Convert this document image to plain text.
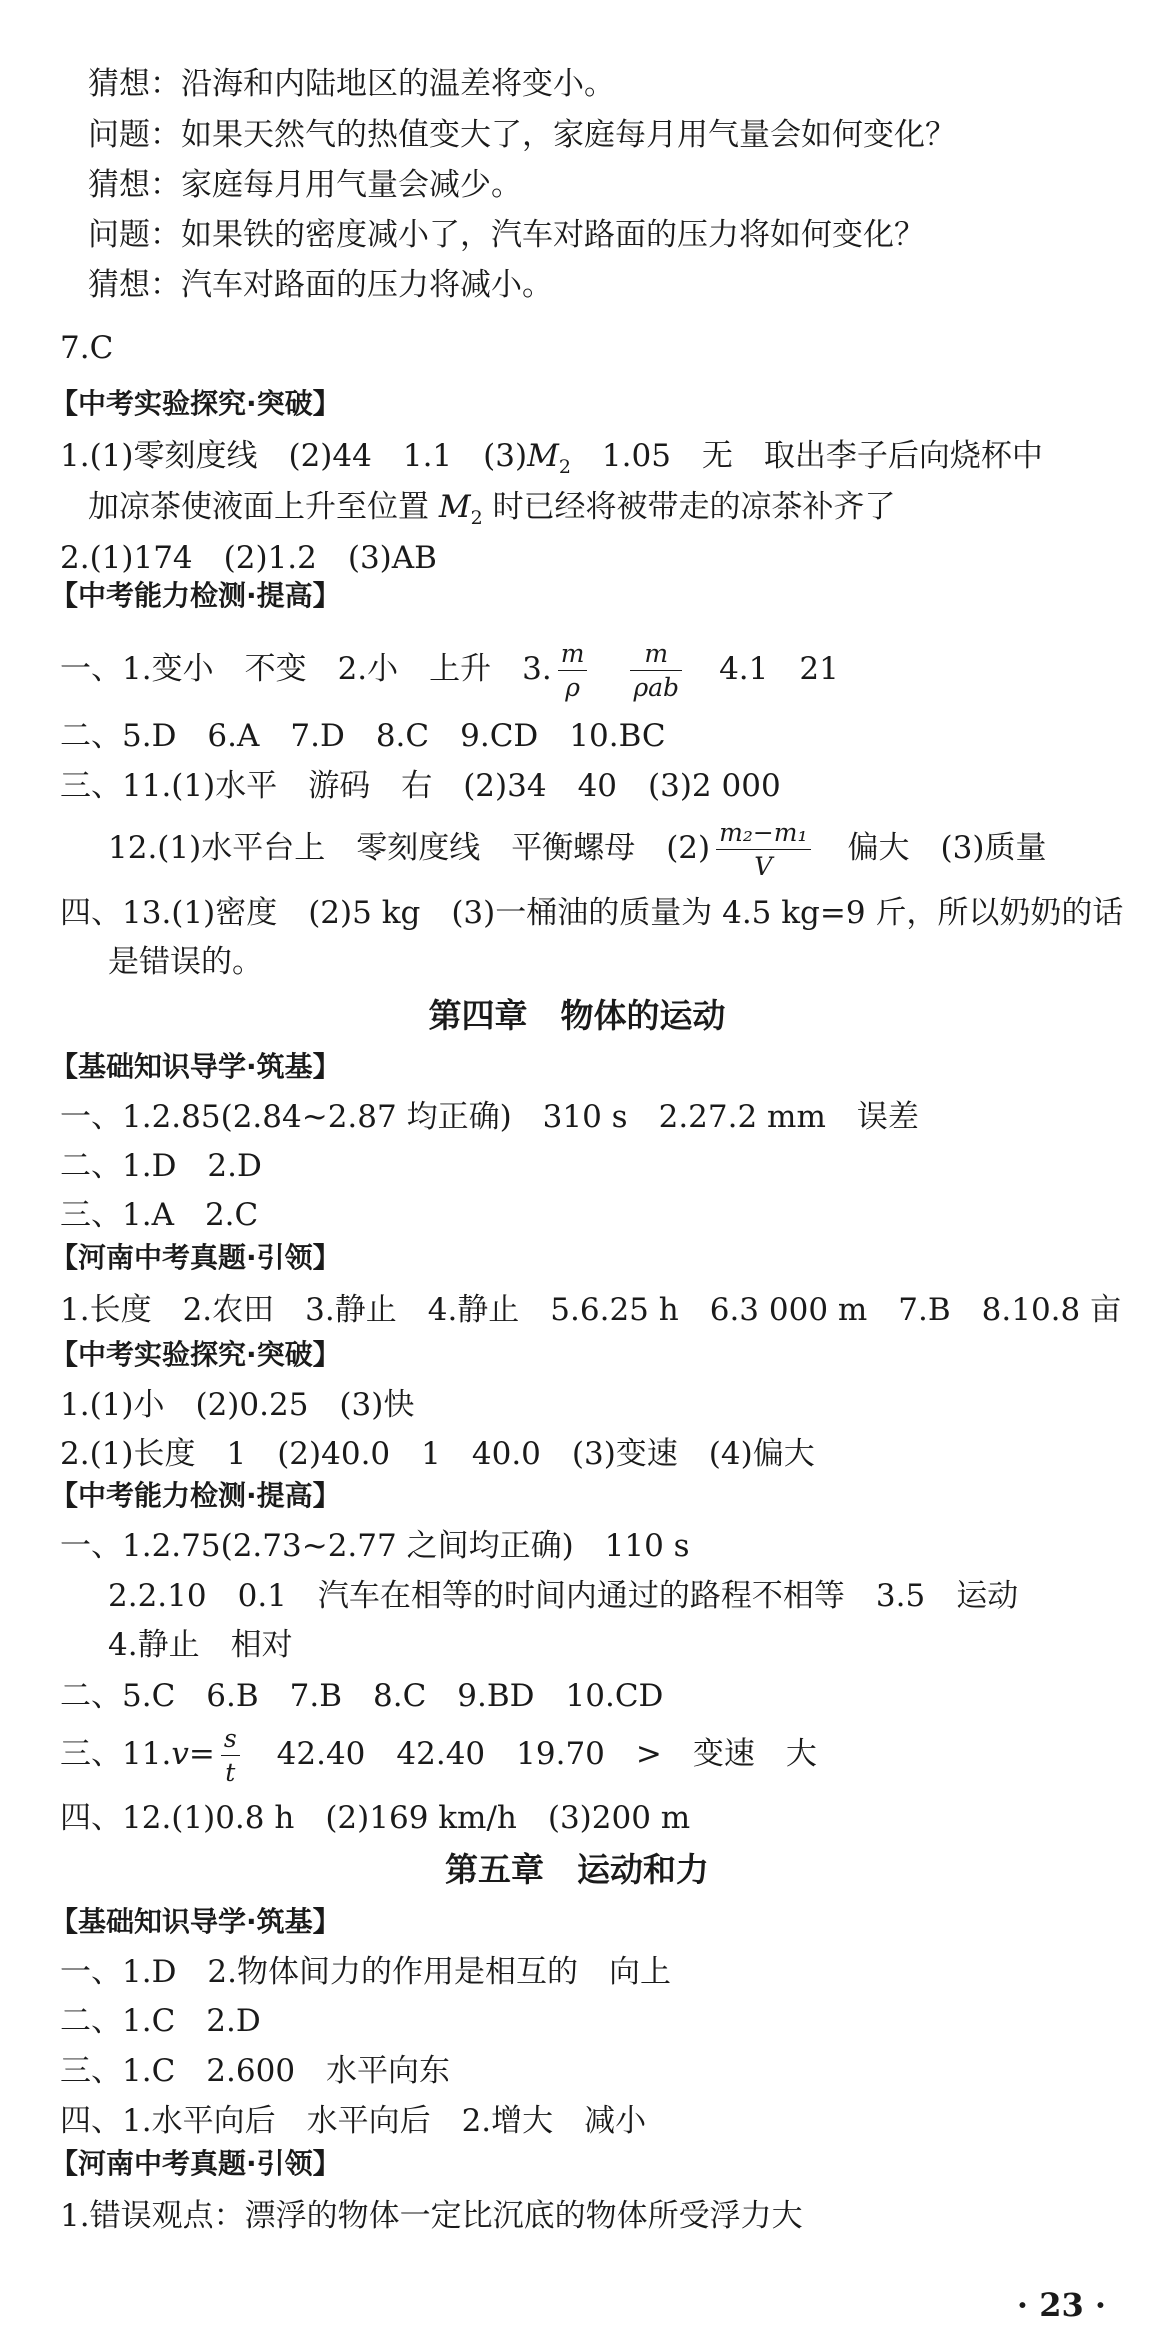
猜想：沿海和内陆地区的温差将变小。
问题：如果天然气的热值变大了，家庭每月用气量会如何变化？
猜想：家庭每月用气量会减少。
问题：如果铁的密度减小了，汽车对路面的压力将如何变化？
猜想：汽车对路面的压力将减小。
7.C
【中考实验探究·突破】
1.(1)零刻度线　(2)44　1.1　$(3)M_2$　1.05　无　取出李子后向烧杯中
加凉茶使液面上升至位置 $M_2$ 时已经将被带走的凉茶补齐了
2.(1)174　(2)1.2　(3)AB
【中考能力检测·提高】
一、1.变小　不变　2.小　上升　3. $\frac{m}{\rho}$
　 $\frac{m}{\text{ρab}}$
　 4.1　21
二、5.D　6.A　7.D　8.C　9.CD　10.BC
三、11.(1)水平　游码　右　(2)34　40　(3)2 000
12.(1)水平台上　零刻度线　平衡螺母　$(2) \frac{\text{m₂−m₁}}{V}$
　 偏大　(3)质量
四、13.(1)密度　(2)5 kg　(3)一桶油的质量为 4.5 kg=9 斤，所以奶奶的话
是错误的。
第四章　物体的运动
【基础知识导学·筑基】
一、1.2.85(2.84~2.87 均正确)　310 s　2.27.2 mm　误差
二、1.D　2.D
三、1.A　2.C
【河南中考真题·引领】
1.长度　2.农田　3.静止　4.静止　5.6.25 h　6.3 000 m　7.B　8.10.8 亩
【中考实验探究·突破】
1.(1)小　(2)0.25　(3)快
2.(1)长度　1　(2)40.0　1　40.0　(3)变速　(4)偏大
【中考能力检测·提高】
一、1.2.75(2.73~2.77 之间均正确)　110 s
2.2.10　0.1　汽车在相等的时间内通过的路程不相等　3.5　运动
4.静止　相对
二、5.C　6.B　7.B　8.C　9.BD　10.CD
三、$11.v= \frac{s}{t}$
　 42.40　42.40　19.70　>　变速　大
四、12.(1)0.8 h　(2)169 km/h　(3)200 m
第五章　运动和力
【基础知识导学·筑基】
一、1.D　2.物体间力的作用是相互的　向上
二、1.C　2.D
三、1.C　2.600　水平向东
四、1.水平向后　水平向后　2.增大　减小
【河南中考真题·引领】
1.错误观点：漂浮的物体一定比沉底的物体所受浮力大
· 23 ·
